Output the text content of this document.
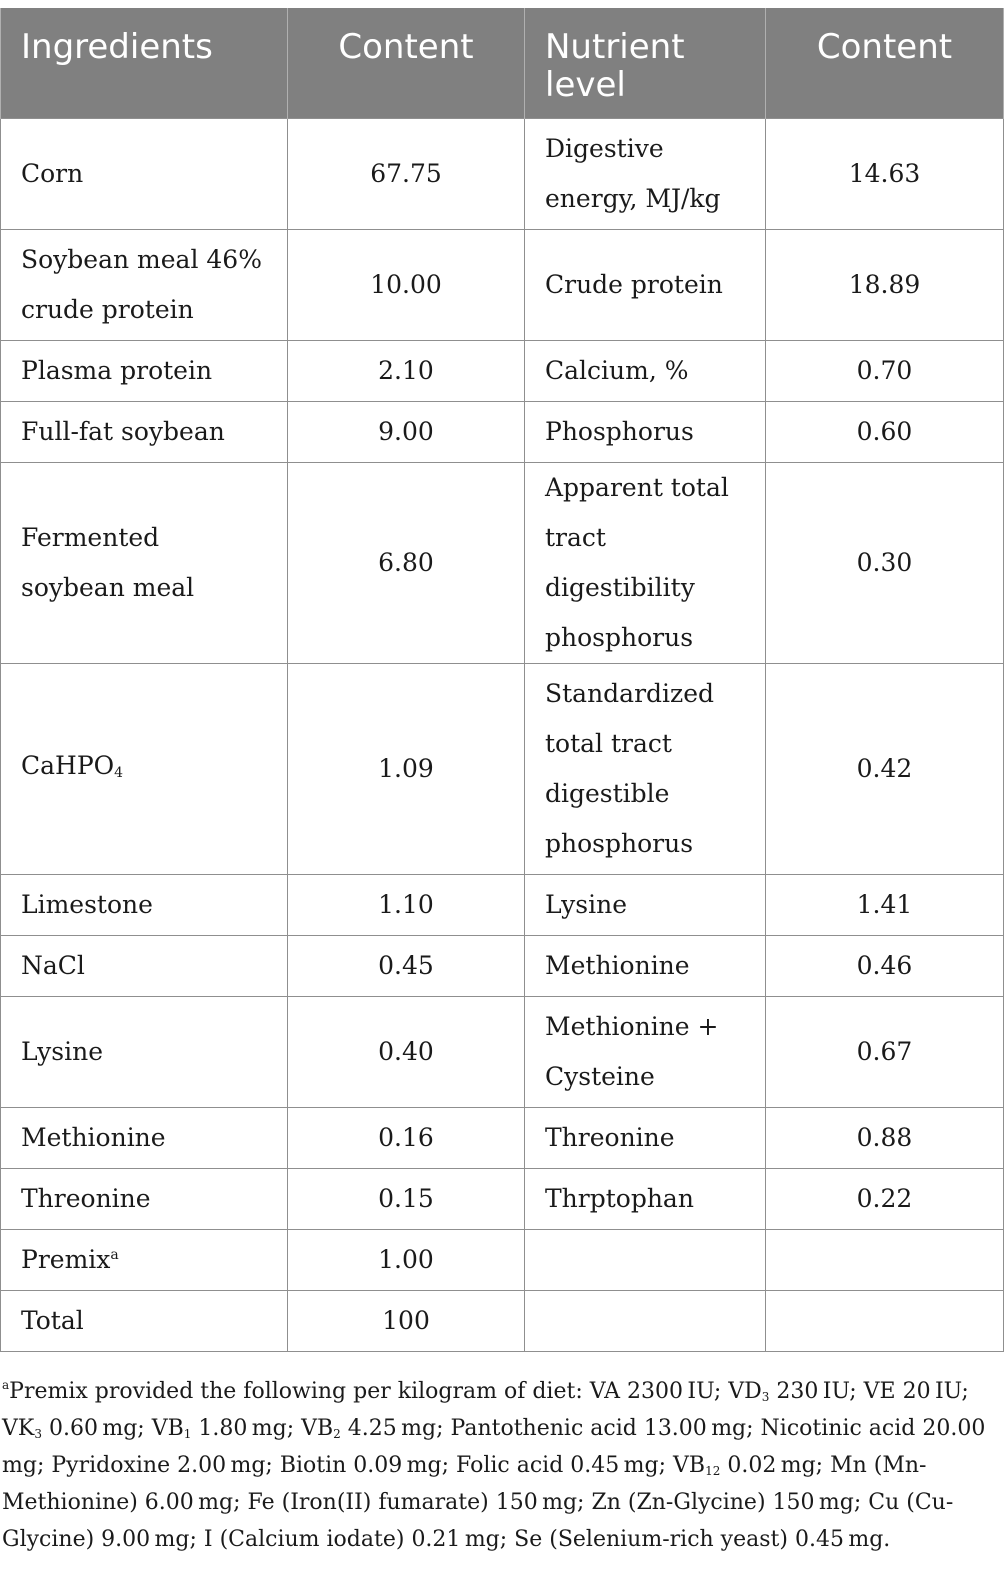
Ingredients	Content	Nutrient level	Content
Corn	67.75	Digestive energy, MJ/kg	14.63
Soybean meal 46% crude protein	10.00	Crude protein	18.89
Plasma protein	2.10	Calcium, %	0.70
Full-fat soybean	9.00	Phosphorus	0.60
Fermented soybean meal	6.80	Apparent total tract digestibility phosphorus	0.30
CaHPO$_4$	1.09	Standardized total tract digestible phosphorus	0.42
Limestone	1.10	Lysine	1.41
NaCl	0.45	Methionine	0.46
Lysine	0.40	Methionine + Cysteine	0.67
Methionine	0.16	Threonine	0.88
Threonine	0.15	Thrptophan	0.22
Premix$^a$	1.00		
Total	100		
$^a$Premix provided the following per kilogram of diet: VA 2300 IU; $VD_3$ 230 IU; VE 20 IU; $VK_3$ 0.60 mg; $VB_1$ 1.80 mg; $VB_2$ 4.25 mg; Pantothenic acid 13.00 mg; Nicotinic acid 20.00 mg; Pyridoxine 2.00 mg; Biotin 0.09 mg; Folic acid 0.45 mg; $VB_{12}$ 0.02 mg; Mn (Mn-Methionine) 6.00 mg; Fe (Iron(II) fumarate) 150 mg; Zn (Zn-Glycine) 150 mg; Cu (Cu-Glycine) 9.00 mg; I (Calcium iodate) 0.21 mg; Se (Selenium-rich yeast) 0.45 mg.
